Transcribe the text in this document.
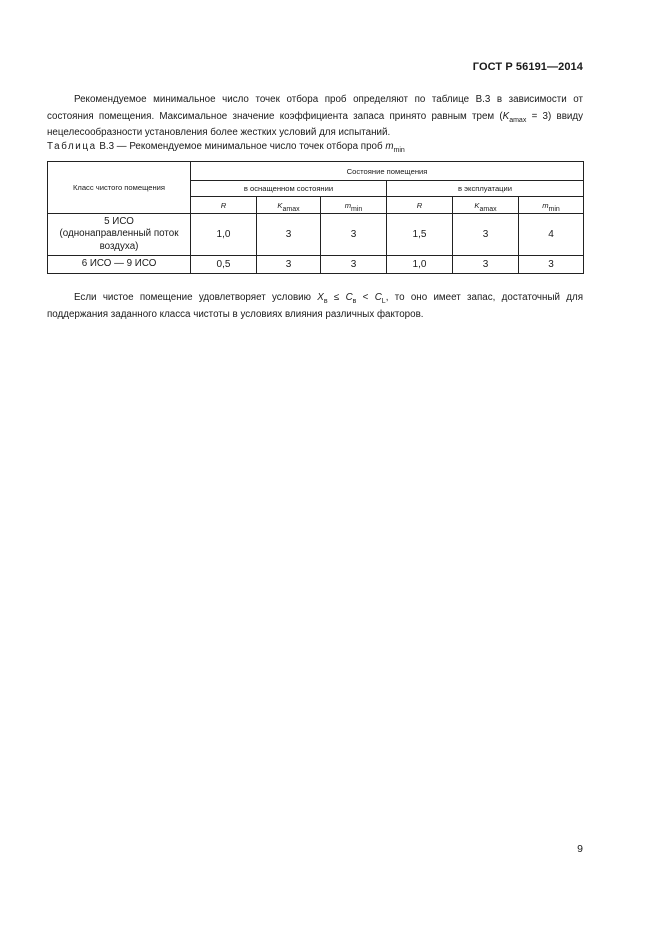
ГОСТ Р 56191—2014
Рекомендуемое минимальное число точек отбора проб определяют по таблице В.3 в зависимости от состояния помещения. Максимальное значение коэффициента запаса принято равным трем $(K_{amax} = 3)$ ввиду нецелесообразности установления более жестких условий для испытаний.
Таблица В.3 — Рекомендуемое минимальное число точек отбора проб $m_{min}$
Класс чистого помещения	Состояние помещения					
	в оснащенном состоянии			в эксплуатации		
	R	$K_{amax}$	$m_{min}$	R	$K_{amax}$	$m_{min}$
5 ИСО
(однонаправленный поток
воздуха)	1,0	3	3	1,5	3	4
6 ИСО — 9 ИСО	0,5	3	3	1,0	3	3
Если чистое помещение удовлетворяет условию $X_в \le C_в < C_L$, то оно имеет запас, достаточный для поддержания заданного класса чистоты в условиях влияния различных факторов.
9
